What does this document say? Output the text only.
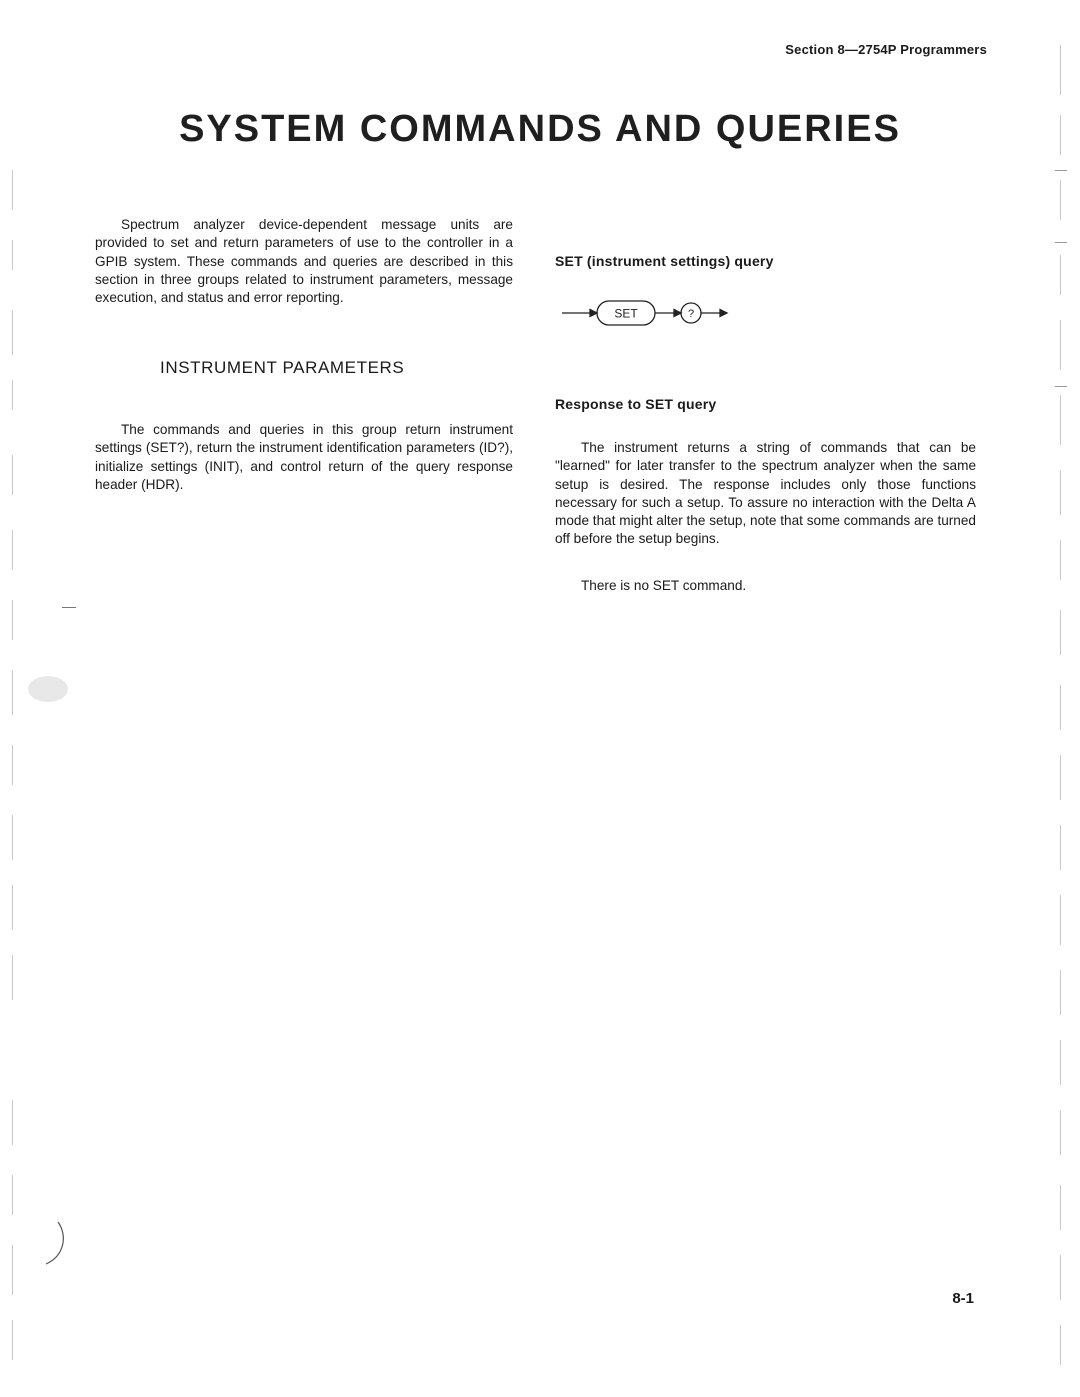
Section 8—2754P Programmers
SYSTEM COMMANDS AND QUERIES

Spectrum analyzer device-dependent message units are provided to set and return parameters of use to the controller in a GPIB system. These commands and queries are described in this section in three groups related to instrument parameters, message execution, and status and error reporting.

INSTRUMENT PARAMETERS

The commands and queries in this group return instrument settings (SET?), return the instrument identification parameters (ID?), initialize settings (INIT), and control return of the query response header (HDR).

SET (instrument settings) query
SET	?
Response to SET query

The instrument returns a string of commands that can be "learned" for later transfer to the spectrum analyzer when the same setup is desired. The response includes only those functions necessary for such a setup. To assure no interaction with the Delta A mode that might alter the setup, note that some commands are turned off before the setup begins.

There is no SET command.

8-1
